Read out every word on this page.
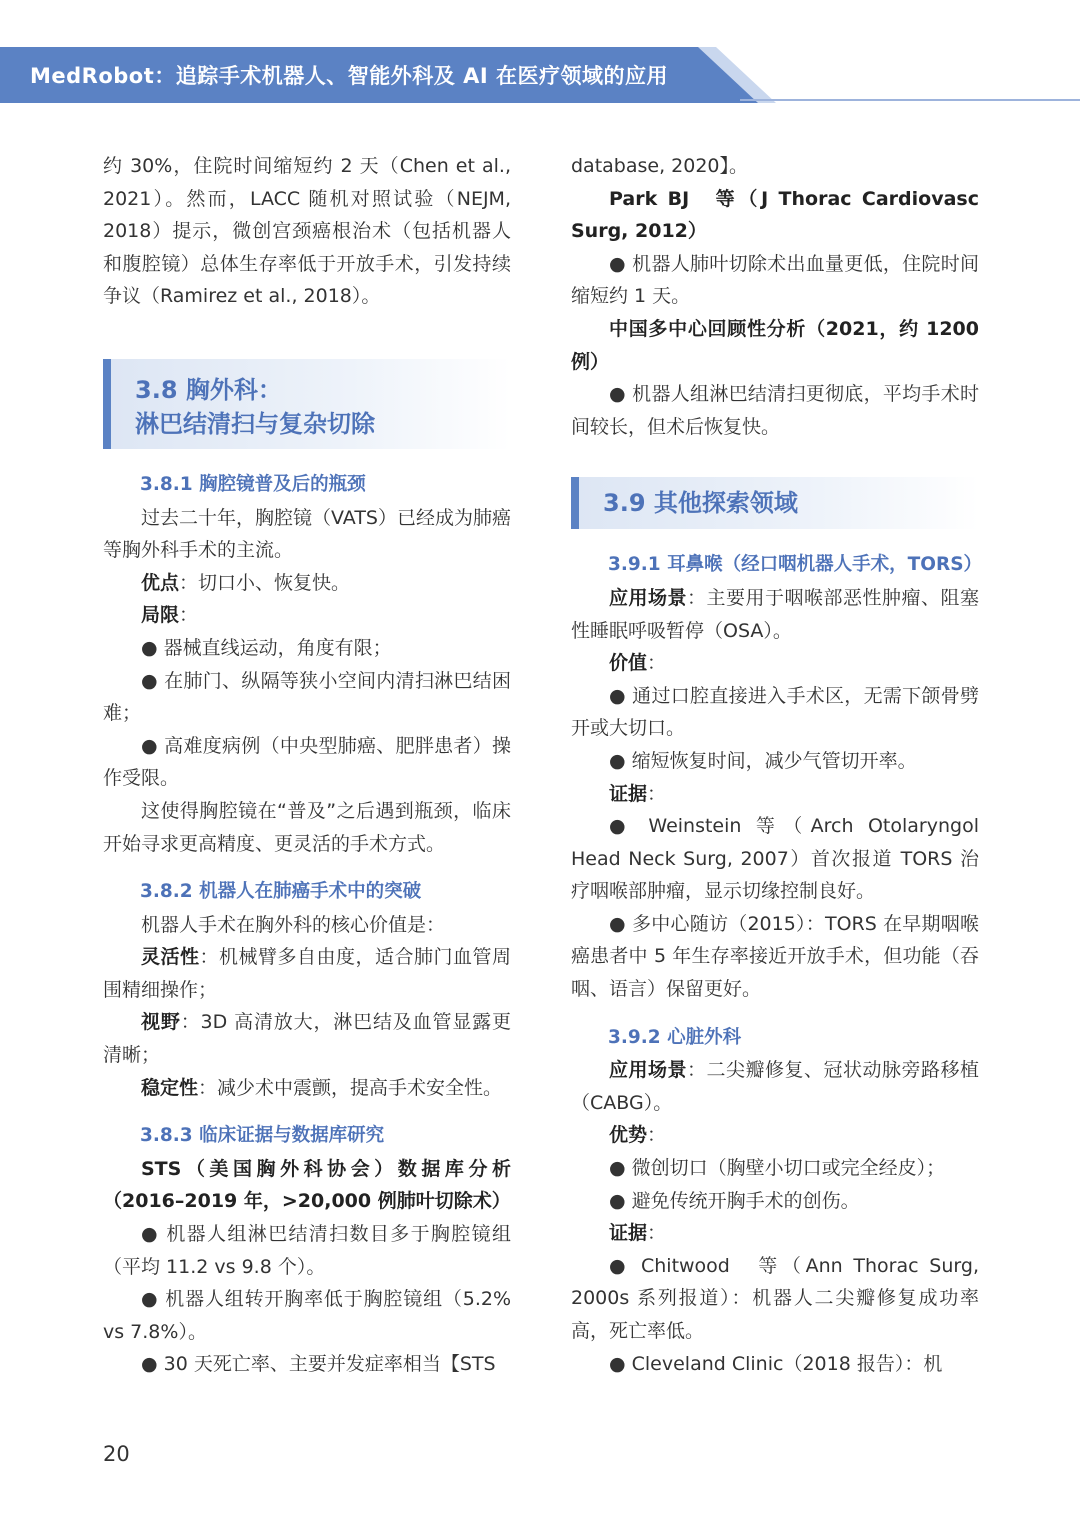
MedRobot：追踪手术机器人、智能外科及 AI 在医疗领域的应用

约 30%，住院时间缩短约 2 天（Chen et al., 2021）。然而，LACC 随机对照试验（NEJM, 2018）提示，微创宫颈癌根治术（包括机器人和腹腔镜）总体生存率低于开放手术，引发持续争议（Ramirez et al., 2018）。

3.8 胸外科：
淋巴结清扫与复杂切除

3.8.1 胸腔镜普及后的瓶颈

过去二十年，胸腔镜（VATS）已经成为肺癌等胸外科手术的主流。

优点：切口小、恢复快。

局限：

● 器械直线运动，角度有限；

● 在肺门、纵隔等狭小空间内清扫淋巴结困难；

● 高难度病例（中央型肺癌、肥胖患者）操作受限。

这使得胸腔镜在“普及”之后遇到瓶颈，临床开始寻求更高精度、更灵活的手术方式。

3.8.2 机器人在肺癌手术中的突破

机器人手术在胸外科的核心价值是：

灵活性：机械臂多自由度，适合肺门血管周围精细操作；

视野：3D 高清放大，淋巴结及血管显露更清晰；

稳定性：减少术中震颤，提高手术安全性。

3.8.3 临床证据与数据库研究

STS（美国胸外科协会）数据库分析（2016–2019 年，>20,000 例肺叶切除术）

● 机器人组淋巴结清扫数目多于胸腔镜组（平均 11.2 vs 9.8 个）。

● 机器人组转开胸率低于胸腔镜组（5.2% vs 7.8%）。

● 30 天死亡率、主要并发症率相当【STS

database, 2020】。

Park BJ　等（J Thorac Cardiovasc Surg, 2012）

● 机器人肺叶切除术出血量更低，住院时间缩短约 1 天。

中国多中心回顾性分析（2021，约 1200 例）

● 机器人组淋巴结清扫更彻底，平均手术时间较长，但术后恢复快。

3.9 其他探索领域

3.9.1 耳鼻喉（经口咽机器人手术，TORS）

应用场景：主要用于咽喉部恶性肿瘤、阻塞性睡眠呼吸暂停（OSA）。

价值：

● 通过口腔直接进入手术区，无需下颌骨劈开或大切口。

● 缩短恢复时间，减少气管切开率。

证据：

● Weinstein 等（Arch Otolaryngol Head Neck Surg, 2007）首次报道 TORS 治疗咽喉部肿瘤，显示切缘控制良好。

● 多中心随访（2015）：TORS 在早期咽喉癌患者中 5 年生存率接近开放手术，但功能（吞咽、语言）保留更好。

3.9.2 心脏外科

应用场景：二尖瓣修复、冠状动脉旁路移植（CABG）。

优势：

● 微创切口（胸壁小切口或完全经皮）；

● 避免传统开胸手术的创伤。

证据：

● Chitwood　等（Ann Thorac Surg, 2000s 系列报道）：机器人二尖瓣修复成功率高，死亡率低。

● Cleveland Clinic（2018 报告）：机

20
